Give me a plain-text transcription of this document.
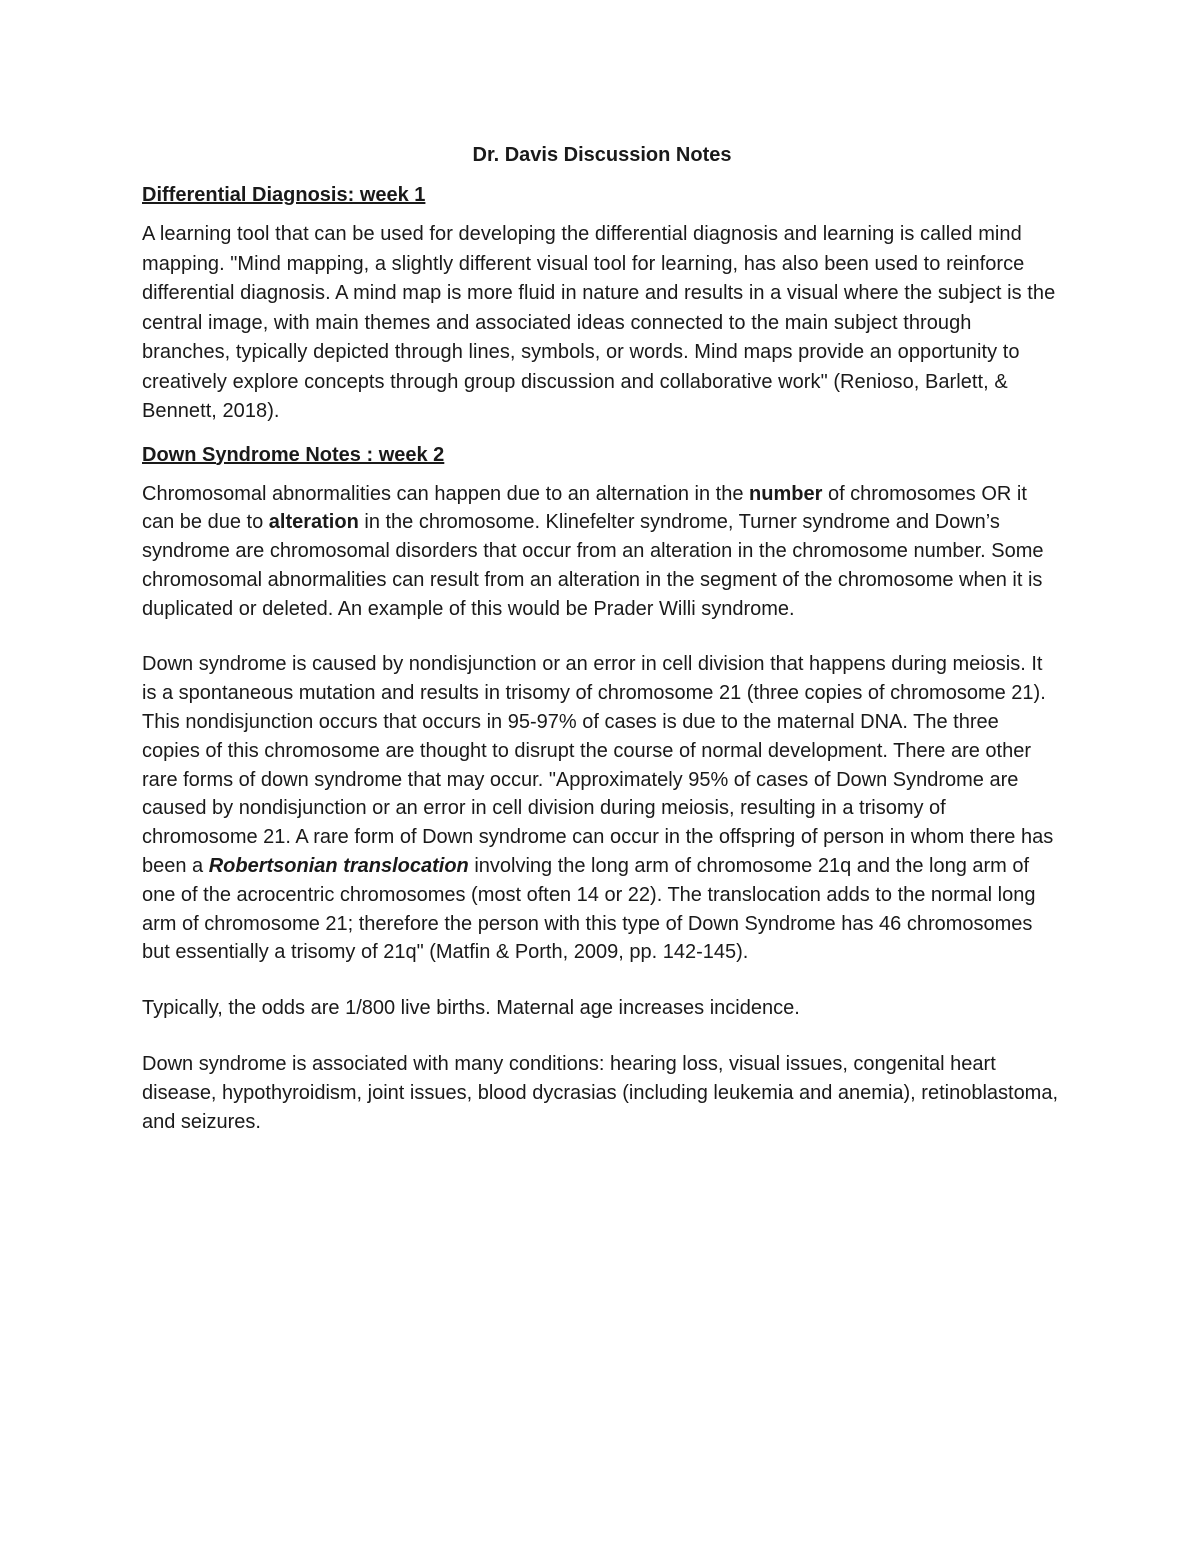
Dr. Davis Discussion Notes
Differential Diagnosis: week 1
A learning tool that can be used for developing the differential diagnosis and learning is called mind mapping. "Mind mapping, a slightly different visual tool for learning, has also been used to reinforce differential diagnosis. A mind map is more fluid in nature and results in a visual where the subject is the central image, with main themes and associated ideas connected to the main subject through branches, typically depicted through lines, symbols, or words. Mind maps provide an opportunity to creatively explore concepts through group discussion and collaborative work" (Renioso, Barlett, & Bennett, 2018).
Down Syndrome Notes : week 2
Chromosomal abnormalities can happen due to an alternation in the number of chromosomes OR it can be due to alteration in the chromosome. Klinefelter syndrome, Turner syndrome and Down’s syndrome are chromosomal disorders that occur from an alteration in the chromosome number. Some chromosomal abnormalities can result from an alteration in the segment of the chromosome when it is duplicated or deleted. An example of this would be Prader Willi syndrome.
Down syndrome is caused by nondisjunction or an error in cell division that happens during meiosis. It is a spontaneous mutation and results in trisomy of chromosome 21 (three copies of chromosome 21). This nondisjunction occurs that occurs in 95-97% of cases is due to the maternal DNA. The three copies of this chromosome are thought to disrupt the course of normal development. There are other rare forms of down syndrome that may occur. "Approximately 95% of cases of Down Syndrome are caused by nondisjunction or an error in cell division during meiosis, resulting in a trisomy of chromosome 21. A rare form of Down syndrome can occur in the offspring of person in whom there has been a Robertsonian translocation involving the long arm of chromosome 21q and the long arm of one of the acrocentric chromosomes (most often 14 or 22). The translocation adds to the normal long arm of chromosome 21; therefore the person with this type of Down Syndrome has 46 chromosomes but essentially a trisomy of 21q" (Matfin & Porth, 2009, pp. 142-145).
Typically, the odds are 1/800 live births. Maternal age increases incidence.
Down syndrome is associated with many conditions: hearing loss, visual issues, congenital heart disease, hypothyroidism, joint issues, blood dycrasias (including leukemia and anemia), retinoblastoma, and seizures.
